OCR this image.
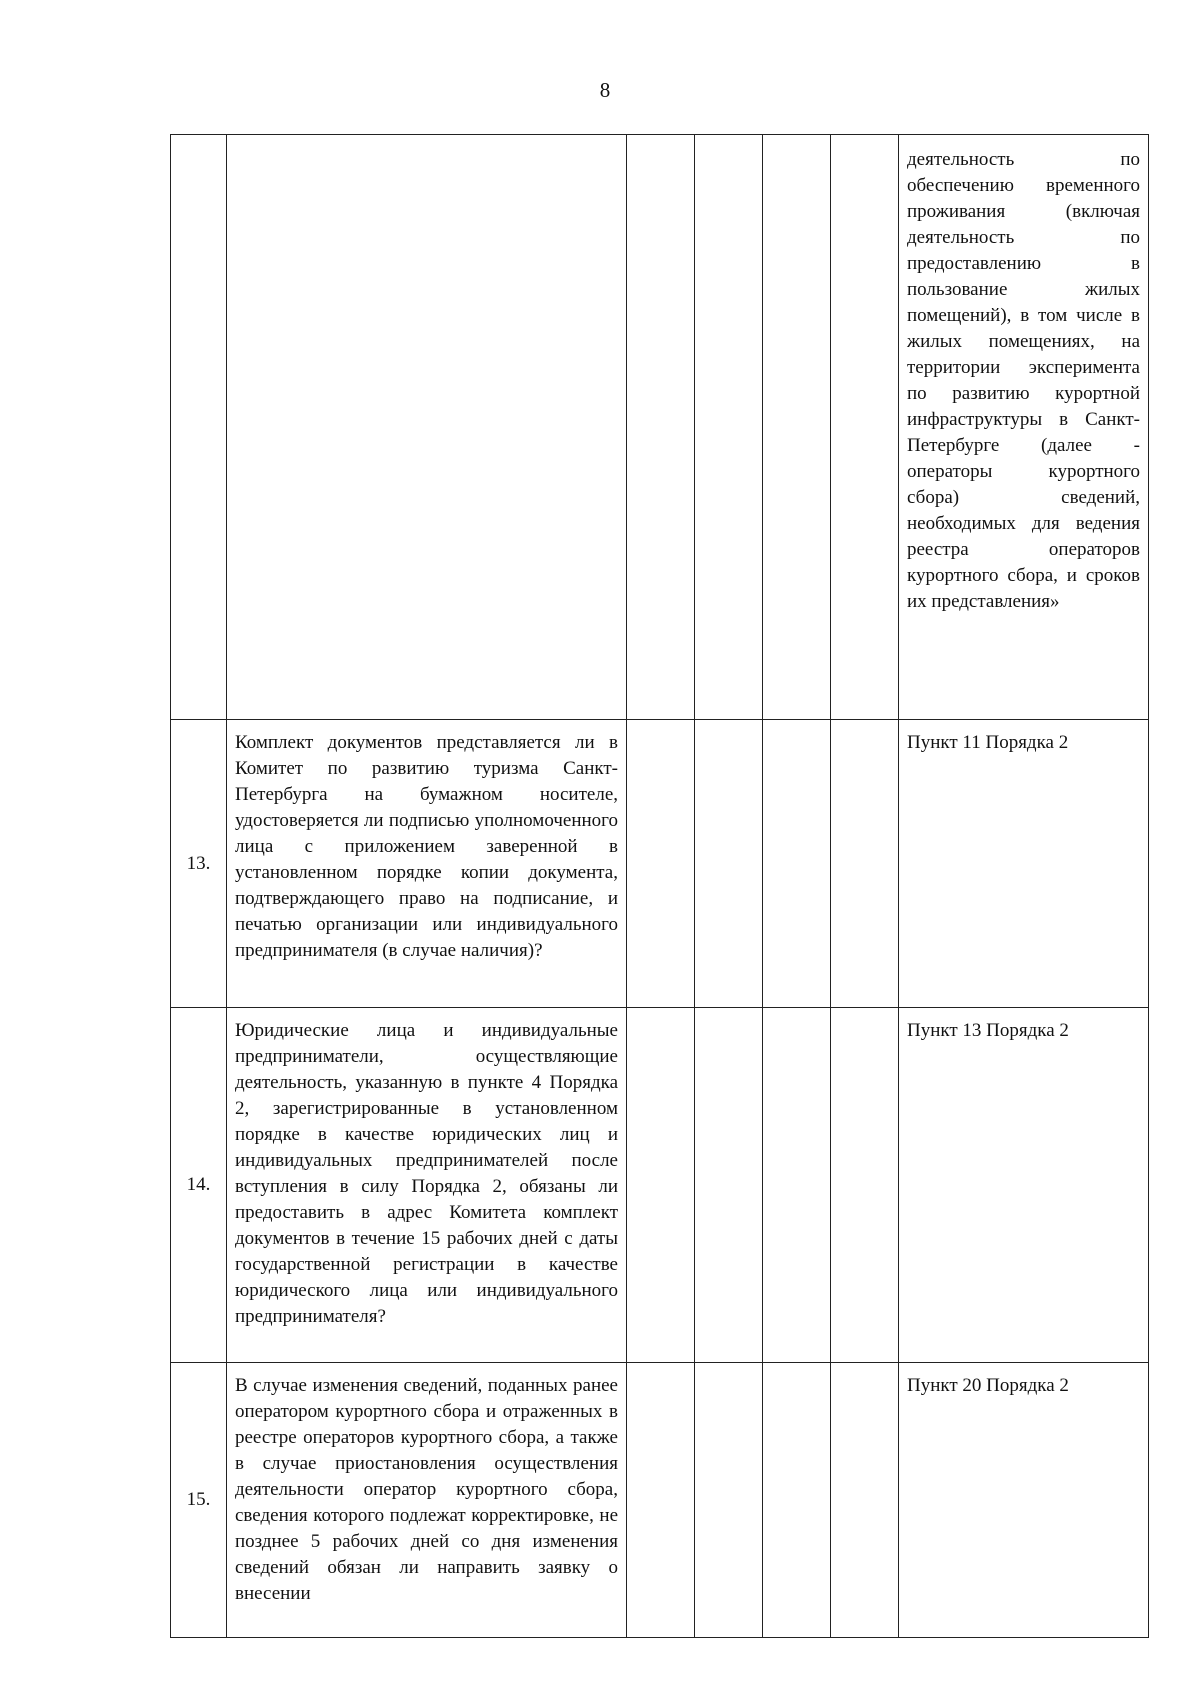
8

						деятельность по обеспечению временного проживания (включая деятельность по предоставлению в пользование жилых помещений), в том числе в жилых помещениях, на территории эксперимента по развитию курортной инфраструктуры в Санкт-Петербурге (далее - операторы курортного сбора) сведений, необходимых для ведения реестра операторов курортного сбора, и сроков их представления»

13.	Комплект документов представляется ли в Комитет по развитию туризма Санкт-Петербурга на бумажном носителе, удостоверяется ли подписью уполномоченного лица с приложением заверенной в установленном порядке копии документа, подтверждающего право на подписание, и печатью организации или индивидуального предпринимателя (в случае наличия)?					Пункт 11 Порядка 2
14.	Юридические лица и индивидуальные предприниматели, осуществляющие деятельность, указанную в пункте 4 Порядка 2, зарегистрированные в установленном порядке в качестве юридических лиц и индивидуальных предпринимателей после вступления в силу Порядка 2, обязаны ли предоставить в адрес Комитета комплект документов в течение 15 рабочих дней с даты государственной регистрации в качестве юридического лица или индивидуального предпринимателя?					Пункт 13 Порядка 2
15.	В случае изменения сведений, поданных ранее оператором курортного сбора и отраженных в реестре операторов курортного сбора, а также в случае приостановления осуществления деятельности оператор курортного сбора, сведения которого подлежат корректировке, не позднее 5 рабочих дней со дня изменения сведений обязан ли направить заявку о внесении					Пункт 20 Порядка 2
